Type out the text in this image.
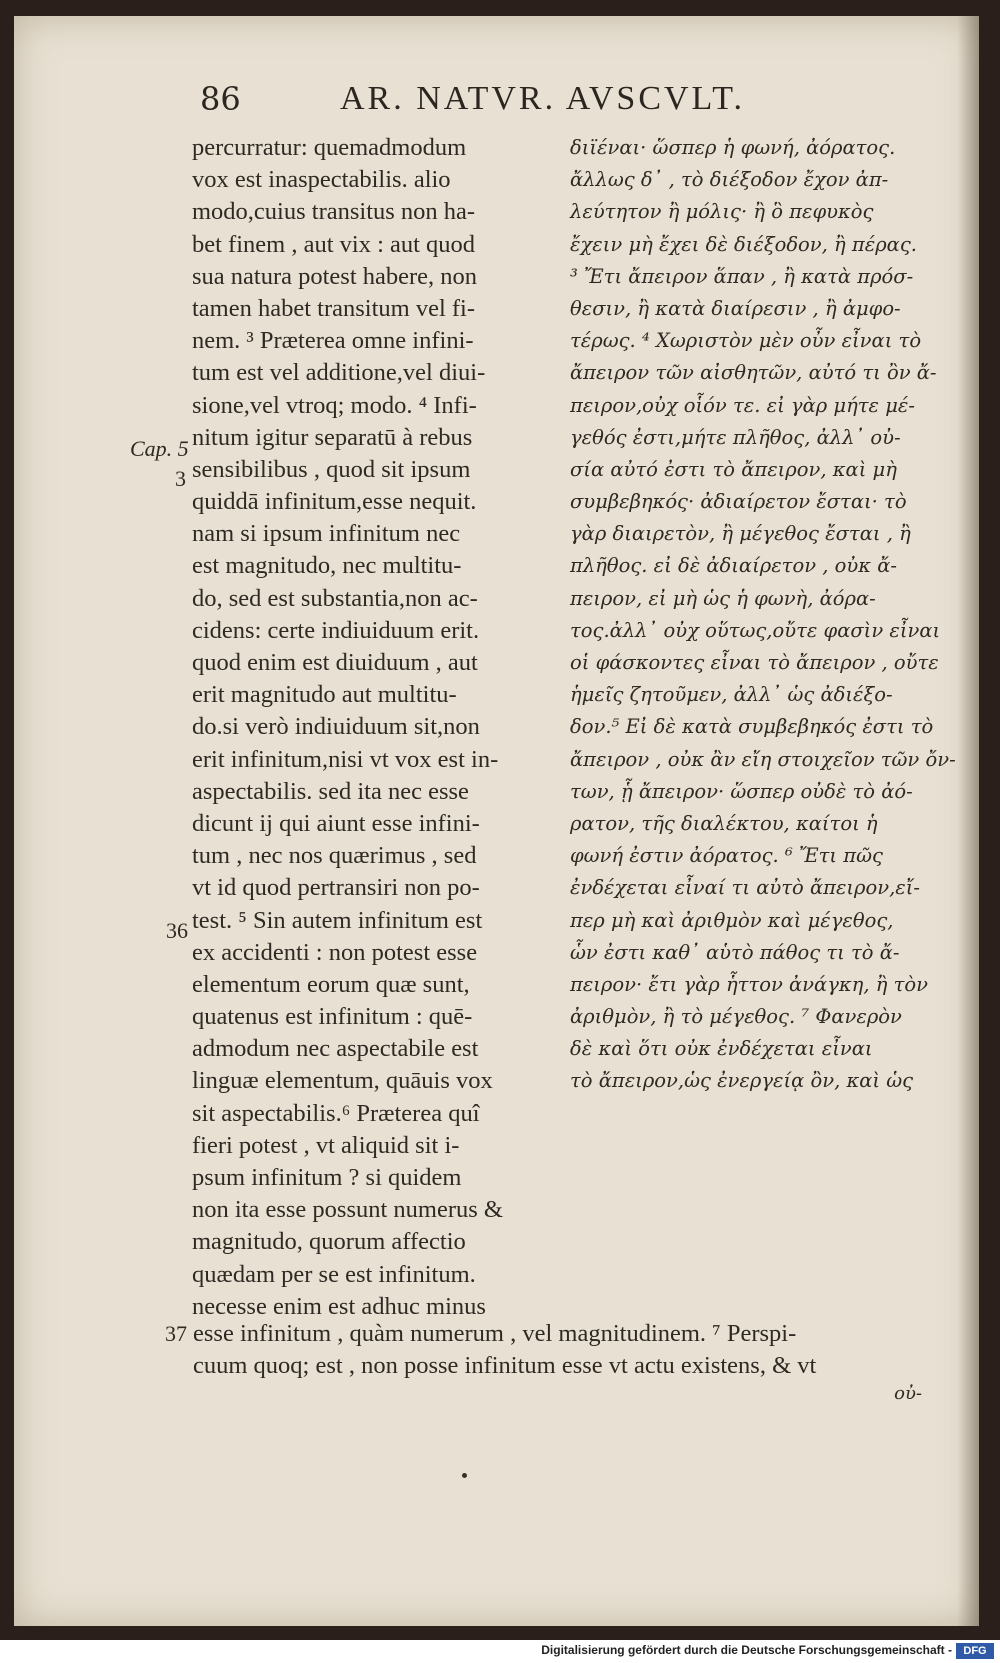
86	AR. NATVR. AVSCVLT.
percurratur: quemadmodum
vox est inaspectabilis. alio
modo,cuius transitus non ha-
bet finem , aut vix : aut quod
sua natura potest habere, non
tamen habet transitum vel fi-
nem. ³ Præterea omne infini-
tum est vel additione,vel diui-
sione,vel vtroq; modo. ⁴ Infi-
nitum igitur separatū à rebus
sensibilibus , quod sit ipsum
quiddā infinitum,esse nequit.
nam si ipsum infinitum nec
est magnitudo, nec multitu-
do, sed est substantia,non ac-
cidens: certe indiuiduum erit.
quod enim est diuiduum , aut
erit magnitudo aut multitu-
do.si verò indiuiduum sit,non
erit infinitum,nisi vt vox est in-
aspectabilis. sed ita nec esse
dicunt ij qui aiunt esse infini-
tum , nec nos quærimus , sed
vt id quod pertransiri non po-
test. ⁵ Sin autem infinitum est
ex accidenti : non potest esse
elementum eorum quæ sunt,
quatenus est infinitum : quē-
admodum nec aspectabile est
linguæ elementum, quāuis vox
sit aspectabilis.⁶ Præterea quî
fieri potest , vt aliquid sit i-
psum infinitum ? si quidem
non ita esse possunt numerus &
magnitudo, quorum affectio
quædam per se est infinitum.
necesse enim est adhuc minus
διϊέναι· ὥσπερ ἡ φωνή, ἀόρατος.
ἄλλως δ᾽ , τὸ διέξοδον ἔχον ἀπ-
λεύτητον ἢ μόλις· ἢ ὃ πεφυκὸς
ἔχειν μὴ ἔχει δὲ διέξοδον, ἢ πέρας.
³ Ἔτι ἄπειρον ἅπαν , ἢ κατὰ πρόσ-
θεσιν, ἢ κατὰ διαίρεσιν , ἢ ἀμφο-
τέρως. ⁴ Χωριστὸν μὲν οὖν εἶναι τὸ
ἄπειρον τῶν αἰσθητῶν, αὐτό τι ὂν ἄ-
πειρον,οὐχ οἷόν τε. εἰ γὰρ μήτε μέ-
γεθός ἐστι,μήτε πλῆθος, ἀλλ᾽ οὐ-
σία αὐτό ἐστι τὸ ἄπειρον, καὶ μὴ
συμβεβηκός· ἀδιαίρετον ἔσται· τὸ
γὰρ διαιρετὸν, ἢ μέγεθος ἔσται , ἢ
πλῆθος. εἰ δὲ ἀδιαίρετον , οὐκ ἄ-
πειρον, εἰ μὴ ὡς ἡ φωνὴ, ἀόρα-
τος.ἀλλ᾽ οὐχ οὕτως,οὔτε φασὶν εἶναι
οἱ φάσκοντες εἶναι τὸ ἄπειρον , οὔτε
ἡμεῖς ζητοῦμεν, ἀλλ᾽ ὡς ἀδιέξο-
δον.⁵ Εἰ δὲ κατὰ συμβεβηκός ἐστι τὸ
ἄπειρον , οὐκ ἂν εἴη στοιχεῖον τῶν ὄν-
των, ᾗ ἄπειρον· ὥσπερ οὐδὲ τὸ ἀό-
ρατον, τῆς διαλέκτου, καίτοι ἡ
φωνή ἐστιν ἀόρατος. ⁶ Ἔτι πῶς
ἐνδέχεται εἶναί τι αὐτὸ ἄπειρον,εἴ-
περ μὴ καὶ ἀριθμὸν καὶ μέγεθος,
ὧν ἐστι καθ᾽ αὑτὸ πάθος τι τὸ ἄ-
πειρον· ἔτι γὰρ ἧττον ἀνάγκη, ἢ τὸν
ἀριθμὸν, ἢ τὸ μέγεθος. ⁷ Φανερὸν
δὲ καὶ ὅτι οὐκ ἐνδέχεται εἶναι
τὸ ἄπειρον,ὡς ἐνεργείᾳ ὂν, καὶ ὡς
Cap. 5
3
36
37 esse infinitum , quàm numerum , vel magnitudinem. ⁷ Perspi-
cuum quoq; est , non posse infinitum esse vt actu existens, & vt
οὐ-
Digitalisierung gefördert durch die Deutsche Forschungsgemeinschaft -	DFG
